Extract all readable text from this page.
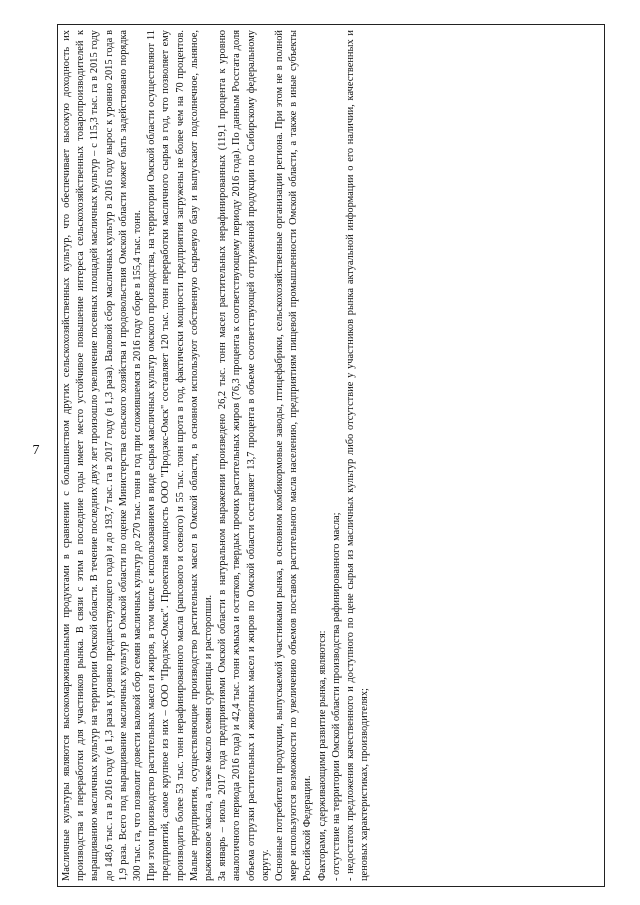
7	Масличные культуры являются высокомаржинальными продуктами в сравнении с большинством других сельскохозяйственных культур, что обеспечивает высокую доходность их производства и переработки для участников рынка. В связи с этим в последние годы имеет место устойчивое повышение интереса сельскохозяйственных товаропроизводителей к выращиванию масличных культур на территории Омской области. В течение последних двух лет произошло увеличение посевных площадей масличных культур – с 115,3 тыс. га в 2015 году до 148,6 тыс. га в 2016 году (в 1,3 раза к уровню предшествующего года) и до 193,7 тыс. га в 2017 году (в 1,3 раза). Валовой сбор масличных культур в 2016 году вырос к уровню 2015 года в 1,9 раза. Всего под выращивание масличных культур в Омской области по оценке Министерства сельского хозяйства и продовольствия Омской области может быть задействовано порядка 300 тыс. га, что позволит довести валовой сбор семян масличных культур до 270 тыс. тонн в год при сложившемся в 2016 году сборе в 155,4 тыс. тонн. При этом производство растительных масел и жиров, в том числе с использованием в виде сырья масличных культур омского производства, на территории Омской области осуществляют 11 предприятий, самое крупное из них – ООО "Продэкс-Омск". Проектная мощность ООО "Продэкс-Омск" составляет 120 тыс. тонн переработки масличного сырья в год, что позволяет ему производить более 53 тыс. тонн нерафинированного масла (рапсового и соевого) и 55 тыс. тонн шрота в год, фактически мощности предприятия загружены не более чем на 70 процентов. Малые предприятия, осуществляющие производство растительных масел в Омской области, в основном используют собственную сырьевую базу и выпускают подсолнечное, льняное, рыжиковое масла, а также масло семян сурепицы и расторопши. За январь – июль 2017 года предприятиями Омской области в натуральном выражении произведено 26,2 тыс. тонн масел растительных нерафинированных (119,1 процента к уровню аналогичного периода 2016 года) и 42,4 тыс. тонн жмыха и остатков, твердых прочих растительных жиров (76,3 процента к соответствующему периоду 2016 года). По данным Росстата доля объема отгрузки растительных и животных масел и жиров по Омской области составляет 13,7 процента в объеме соответствующей отгруженной продукции по Сибирскому федеральному округу. Основные потребители продукции, выпускаемой участниками рынка, в основном комбикормовые заводы, птицефабрики, сельскохозяйственные организации региона. При этом не в полной мере используются возможности по увеличению объемов поставок растительного масла населению, предприятиям пищевой промышленности Омской области, а также в иные субъекты Российской Федерации. Факторами, сдерживающими развитие рынка, являются: - отсутствие на территории Омской области производства рафинированного масла; - недостаток предложения качественного и доступного по цене сырья из масличных культур либо отсутствие у участников рынка актуальной информации о его наличии, качественных и ценовых характеристиках, производителях;
